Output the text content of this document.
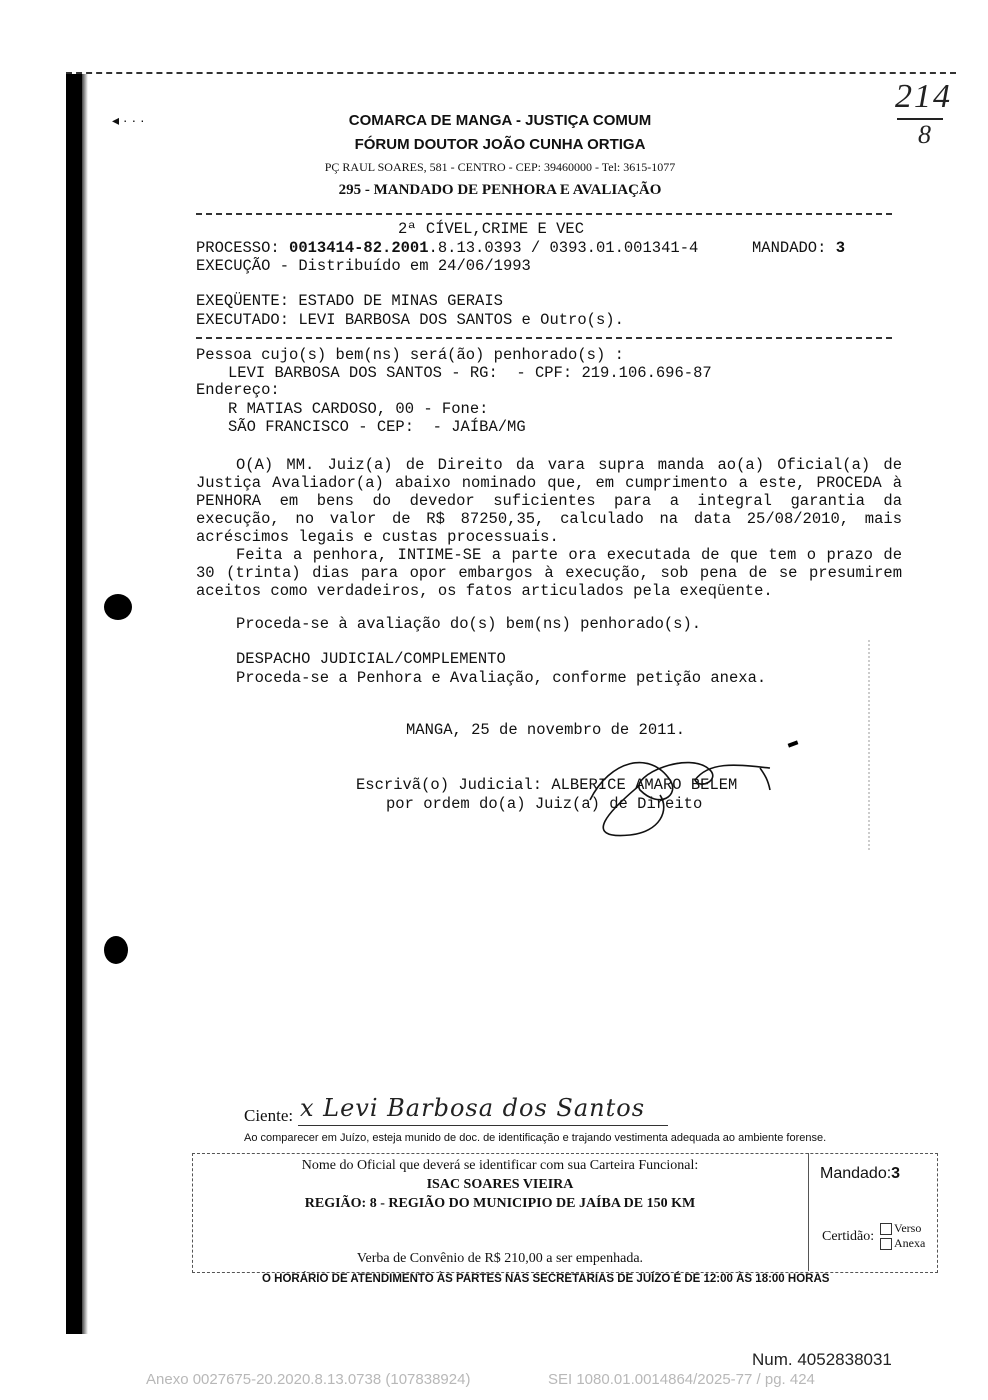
◂ · · ·
214
8
COMARCA DE MANGA - JUSTIÇA COMUM
FÓRUM DOUTOR JOÃO CUNHA ORTIGA
PÇ RAUL SOARES, 581 - CENTRO - CEP: 39460000 - Tel: 3615-1077
295 - MANDADO DE PENHORA E AVALIAÇÃO
2ª CÍVEL,CRIME E VEC
PROCESSO: 0013414-82.2001.8.13.0393 / 0393.01.001341-4	MANDADO: 3
EXECUÇÃO - Distribuído em 24/06/1993
EXEQÜENTE: ESTADO DE MINAS GERAIS
EXECUTADO: LEVI BARBOSA DOS SANTOS e Outro(s).
Pessoa cujo(s) bem(ns) será(ão) penhorado(s) :
LEVI BARBOSA DOS SANTOS - RG:  - CPF: 219.106.696-87
Endereço:
R MATIAS CARDOSO, 00 - Fone:
SÃO FRANCISCO - CEP:  - JAÍBA/MG
O(A) MM. Juiz(a) de Direito da vara supra manda ao(a) Oficial(a) de Justiça Avaliador(a) abaixo nominado que, em cumprimento a este, PROCEDA à PENHORA em bens do devedor suficientes para a integral garantia da execução, no valor de R$ 87250,35, calculado na data 25/08/2010, mais acréscimos legais e custas processuais.
Feita a penhora, INTIME-SE a parte ora executada de que tem o prazo de 30 (trinta) dias para opor embargos à execução, sob pena de se presumirem aceitos como verdadeiros, os fatos articulados pela exeqüente.
Proceda-se à avaliação do(s) bem(ns) penhorado(s).
DESPACHO JUDICIAL/COMPLEMENTO
Proceda-se a Penhora e Avaliação, conforme petição anexa.
MANGA, 25 de novembro de 2011.
Escrivã(o) Judicial: ALBERICE AMARO BELEM
por ordem do(a) Juiz(a) de Direito
Ciente: x Levi Barbosa dos Santos
Ao comparecer em Juízo, esteja munido de doc. de identificação e trajando vestimenta adequada ao ambiente forense.
Nome do Oficial que deverá se identificar com sua Carteira Funcional:
ISAC SOARES VIEIRA
REGIÃO: 8 - REGIÃO DO MUNICIPIO DE JAÍBA DE 150 KM
Verba de Convênio de R$ 210,00 a ser empenhada.
Mandado:3
Certidão:
Verso
Anexa
O HORÁRIO DE ATENDIMENTO ÀS PARTES NAS SECRETARIAS DE JUÍZO É DE 12:00 ÀS 18:00 HORAS
Num. 4052838031
Anexo 0027675-20.2020.8.13.0738 (107838924)	SEI 1080.01.0014864/2025-77 / pg. 424
